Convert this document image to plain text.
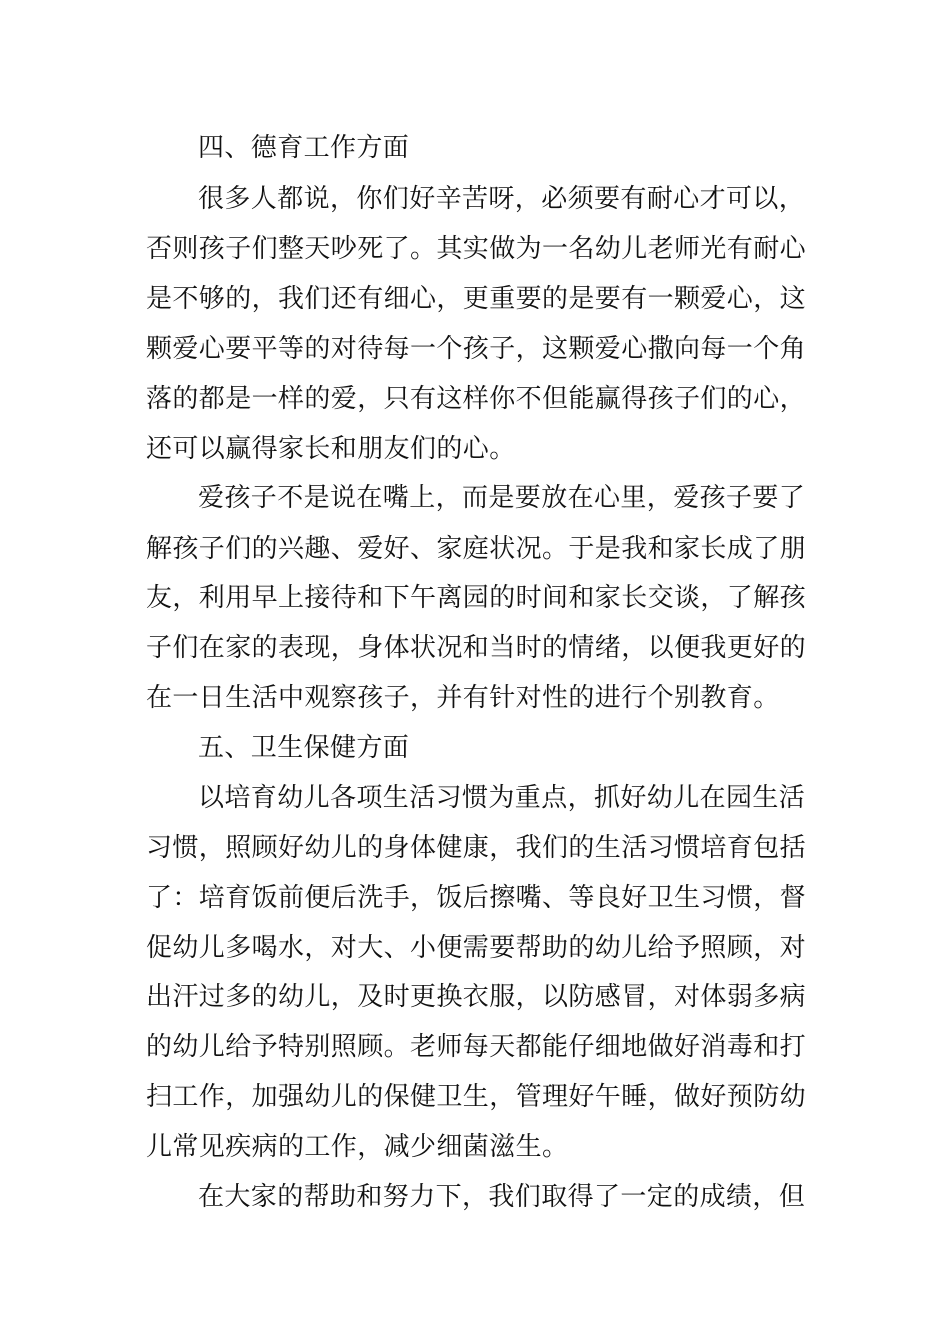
四、德育工作方面
很多人都说，你们好辛苦呀，必须要有耐心才可以，
否则孩子们整天吵死了。其实做为一名幼儿老师光有耐心
是不够的，我们还有细心，更重要的是要有一颗爱心，这
颗爱心要平等的对待每一个孩子，这颗爱心撒向每一个角
落的都是一样的爱，只有这样你不但能赢得孩子们的心，
还可以赢得家长和朋友们的心。
爱孩子不是说在嘴上，而是要放在心里，爱孩子要了
解孩子们的兴趣、爱好、家庭状况。于是我和家长成了朋
友，利用早上接待和下午离园的时间和家长交谈，了解孩
子们在家的表现，身体状况和当时的情绪，以便我更好的
在一日生活中观察孩子，并有针对性的进行个别教育。
五、卫生保健方面
以培育幼儿各项生活习惯为重点，抓好幼儿在园生活
习惯，照顾好幼儿的身体健康，我们的生活习惯培育包括
了：培育饭前便后洗手，饭后擦嘴、等良好卫生习惯，督
促幼儿多喝水，对大、小便需要帮助的幼儿给予照顾，对
出汗过多的幼儿，及时更换衣服，以防感冒，对体弱多病
的幼儿给予特别照顾。老师每天都能仔细地做好消毒和打
扫工作，加强幼儿的保健卫生，管理好午睡，做好预防幼
儿常见疾病的工作，减少细菌滋生。
在大家的帮助和努力下，我们取得了一定的成绩，但
